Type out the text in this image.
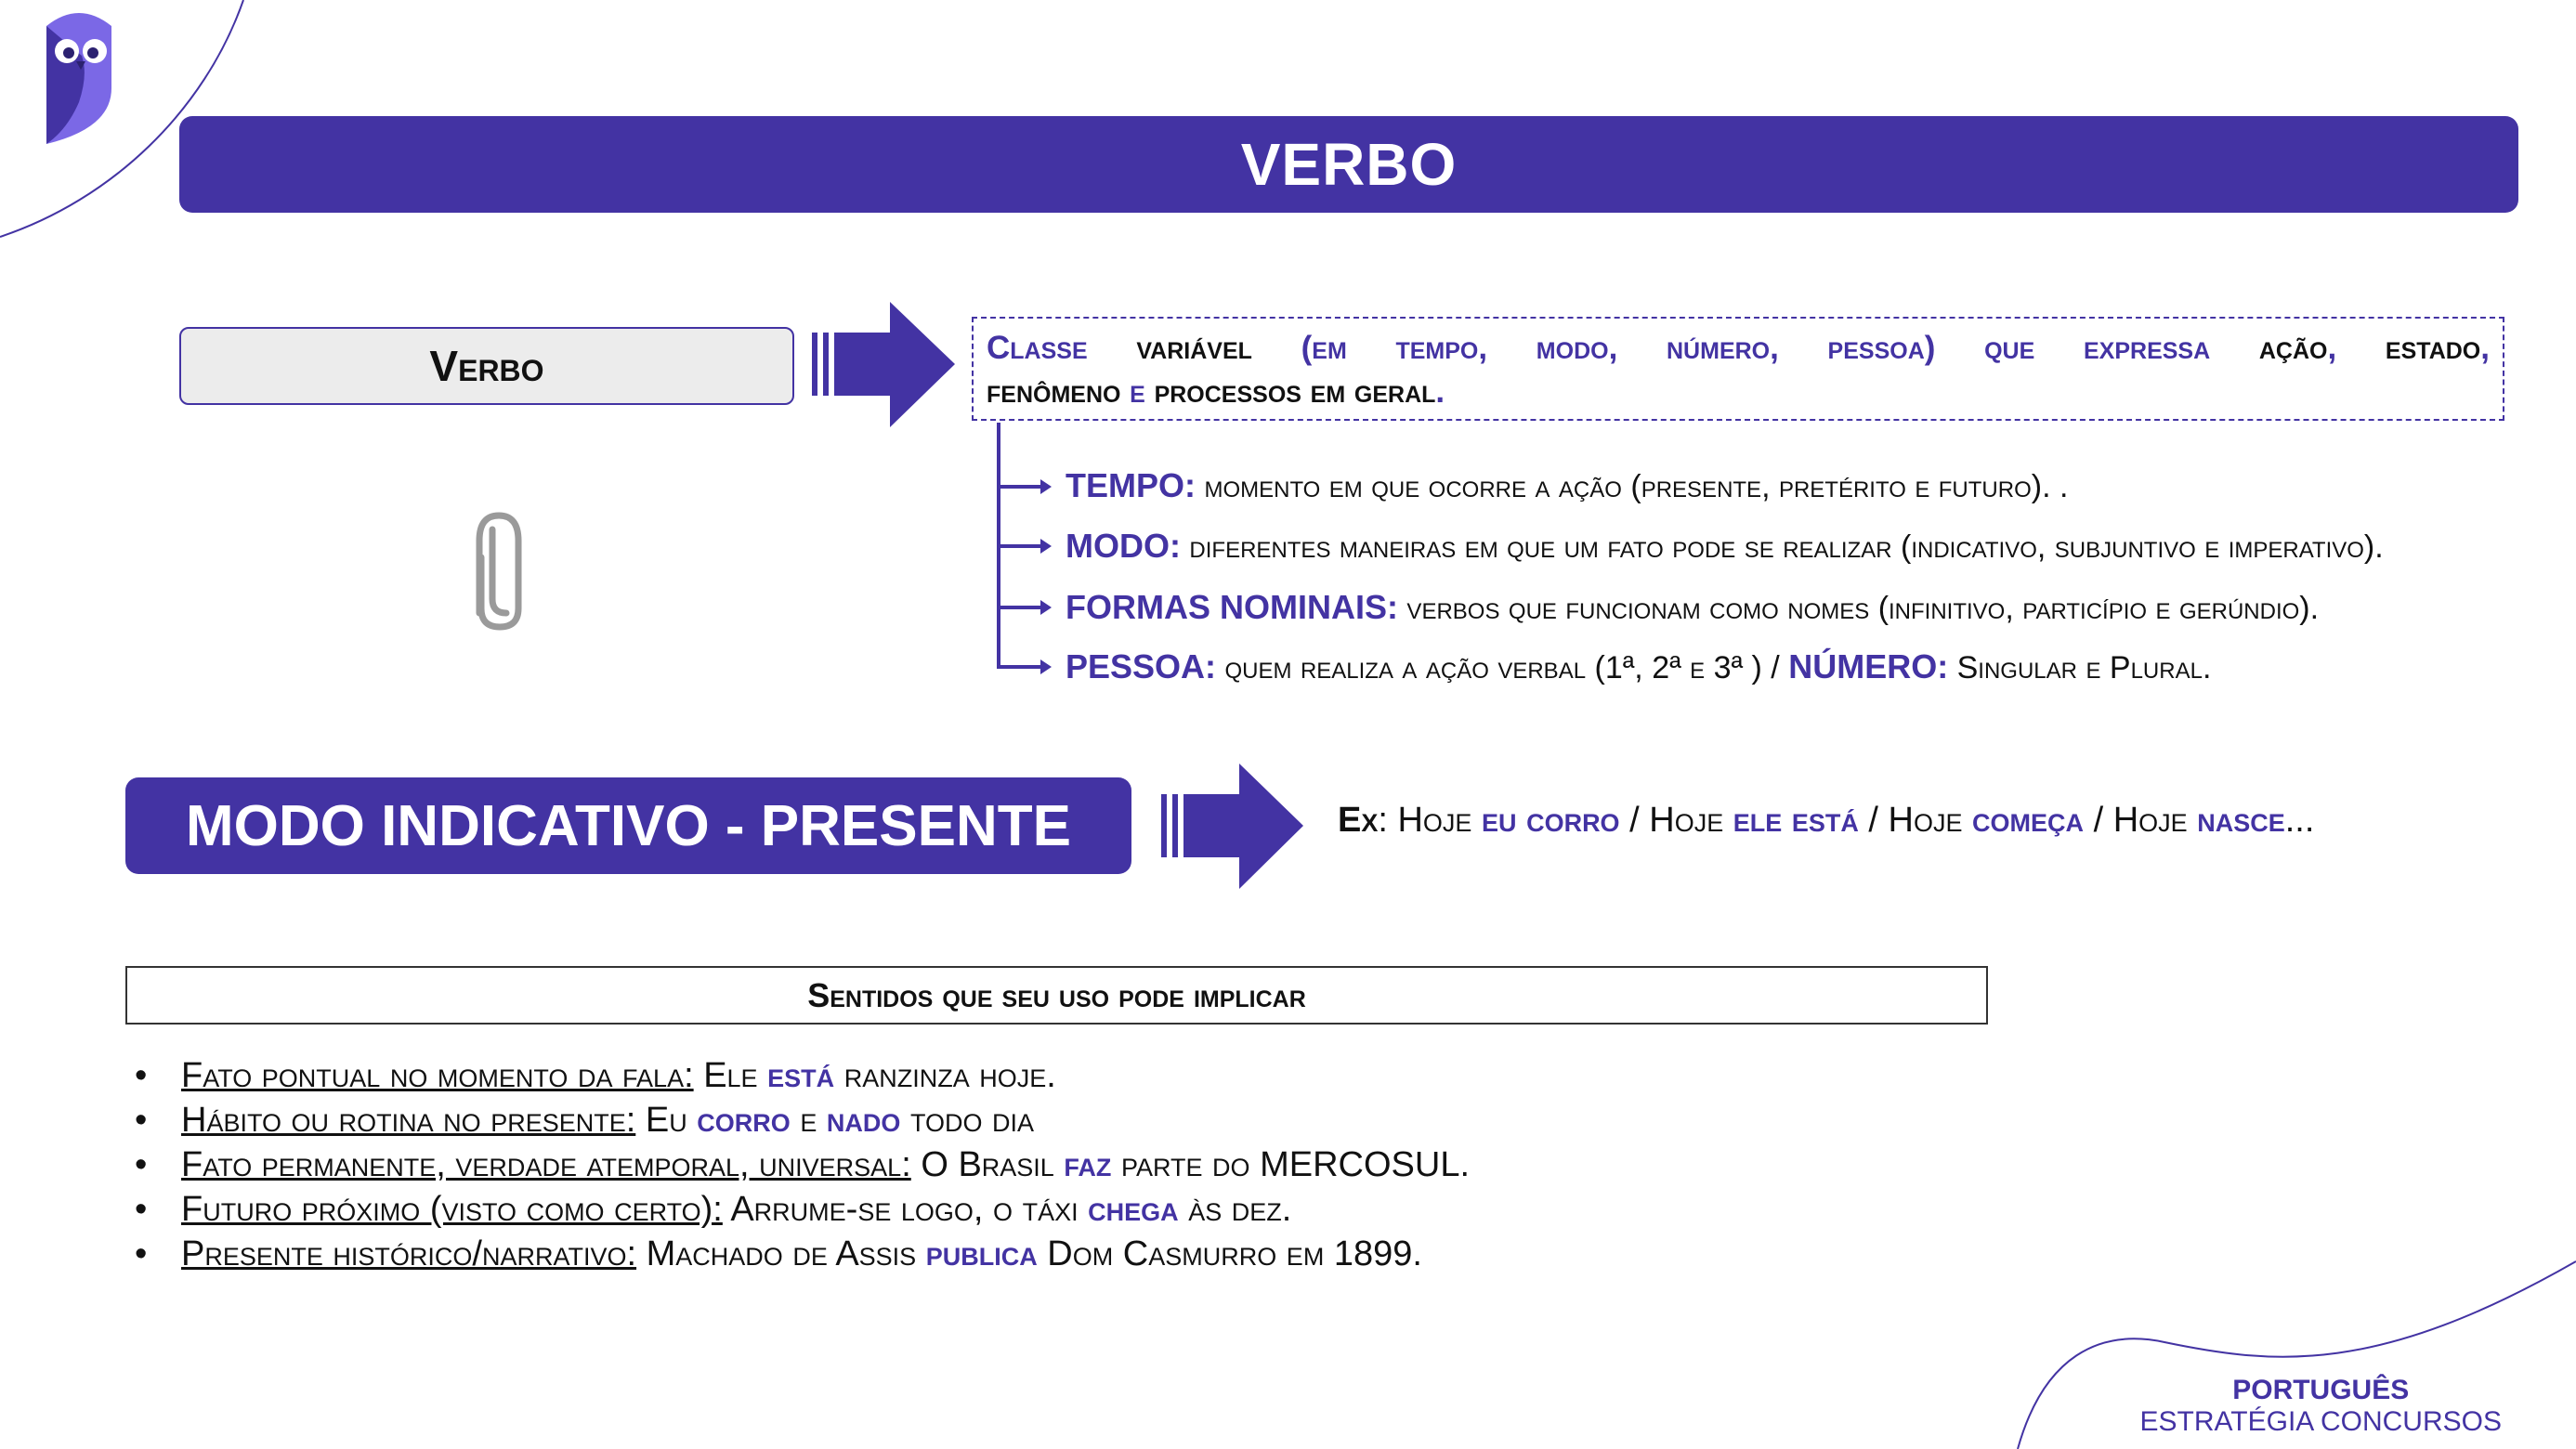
VERBO
Verbo	Classe variável (em tempo, modo, número, pessoa) que expressa ação, estado,
fenômeno e processos em geral.
TEMPO: momento em que ocorre a ação (presente, pretérito e futuro). .
MODO: diferentes maneiras em que um fato pode se realizar (indicativo, subjuntivo e imperativo).
FORMAS NOMINAIS: verbos que funcionam como nomes (infinitivo, particípio e gerúndio).
PESSOA: quem realiza a ação verbal (1ª, 2ª e 3ª ) / NÚMERO: Singular e Plural.
MODO INDICATIVO - PRESENTE	Ex: Hoje eu corro / Hoje ele está / Hoje começa / Hoje nasce...
Sentidos que seu uso pode implicar
• Fato pontual no momento da fala: Ele está ranzinza hoje.
• Hábito ou rotina no presente: Eu corro e nado todo dia
• Fato permanente, verdade atemporal, universal: O Brasil faz parte do MERCOSUL.
• Futuro próximo (visto como certo): Arrume-se logo, o táxi chega às dez.
• Presente histórico/narrativo: Machado de Assis publica Dom Casmurro em 1899.
PORTUGUÊS
ESTRATÉGIA CONCURSOS
